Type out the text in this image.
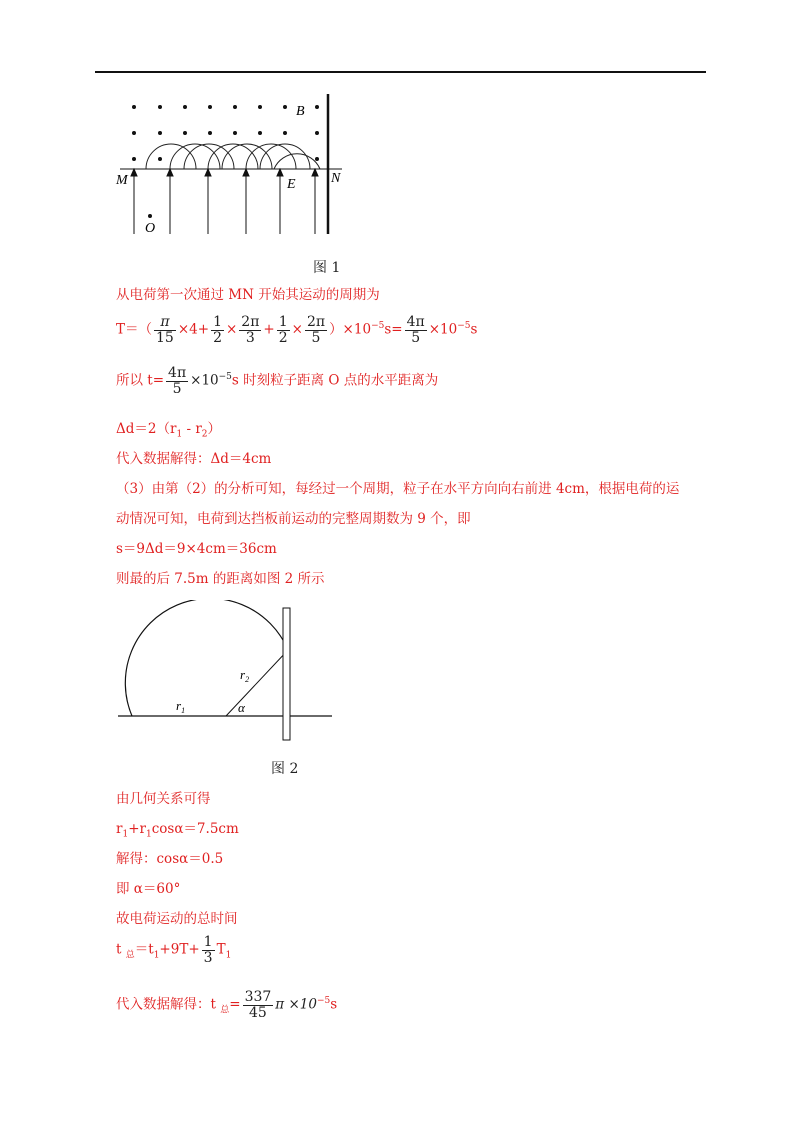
B
M	N
E
O
图 1
从电荷第一次通过 MN 开始其运动的周期为
$T=( \frac{\pi}{15} \times 4+ \frac{1}{2} \times \frac{2\pi}{3} + \frac{1}{2} \times \frac{2\pi}{5} )\times 10^{-5}s= \frac{4\pi}{5} \times 10^{-5}s$
所以 $t= \frac{4\pi}{5} \times 10^{-5}s$ 时刻粒子距离 O 点的水平距离为
$\Delta d=2(r_1 - r_2)$
代入数据解得：Δd＝4cm
（3）由第（2）的分析可知，每经过一个周期，粒子在水平方向向右前进 4cm，根据电荷的运
动情况可知，电荷到达挡板前运动的完整周期数为 9 个，即
s＝9Δd＝9×4cm＝36cm
则最的后 7.5m 的距离如图 2 所示
$r_1$
$r_2$
α
图 2
由几何关系可得
$r_1+r_1\cos\alpha=7.5cm$
解得：cosα＝0.5
即 α＝60°
故电荷运动的总时间
t $_总=t_1+9T+ \frac{1}{3} T_1$
代入数据解得：t $_总= \frac{337}{45}$ $\pi \times 10^{-5}s$
